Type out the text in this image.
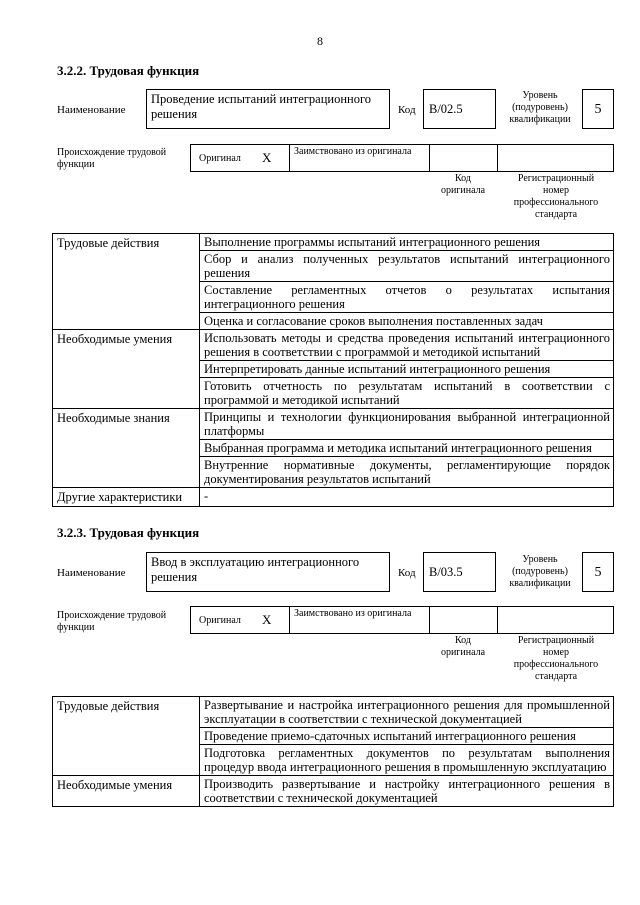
8
3.2.2. Трудовая функция
Наименование
Проведение испытаний интеграционного решения	Код	B/02.5
Уровень (подуровень) квалификации
5
Происхождение трудовой функции
Оригинал X Заимствовано из оригинала
Код оригинала
Регистрационный номер профессионального стандарта
Трудовые действия	Выполнение программы испытаний интеграционного решения
	Сбор и анализ полученных результатов испытаний интеграционного решения
	Составление регламентных отчетов о результатах испытания интеграционного решения
	Оценка и согласование сроков выполнения поставленных задач
Необходимые умения	Использовать методы и средства проведения испытаний интеграционного решения в соответствии с программой и методикой испытаний
	Интерпретировать данные испытаний интеграционного решения
	Готовить отчетность по результатам испытаний в соответствии с программой и методикой испытаний
Необходимые знания	Принципы и технологии функционирования выбранной интеграционной платформы
	Выбранная программа и методика испытаний интеграционного решения
	Внутренние нормативные документы, регламентирующие порядок документирования результатов испытаний
Другие характеристики	-
3.2.3. Трудовая функция
Наименование
Ввод в эксплуатацию интеграционного решения	Код	B/03.5
Уровень (подуровень) квалификации
5
Происхождение трудовой функции
Оригинал X Заимствовано из оригинала
Код оригинала
Регистрационный номер профессионального стандарта
Трудовые действия	Развертывание и настройка интеграционного решения для промышленной эксплуатации в соответствии с технической документацией
	Проведение приемо-сдаточных испытаний интеграционного решения
	Подготовка регламентных документов по результатам выполнения процедур ввода интеграционного решения в промышленную эксплуатацию
Необходимые умения	Производить развертывание и настройку интеграционного решения в соответствии с технической документацией
